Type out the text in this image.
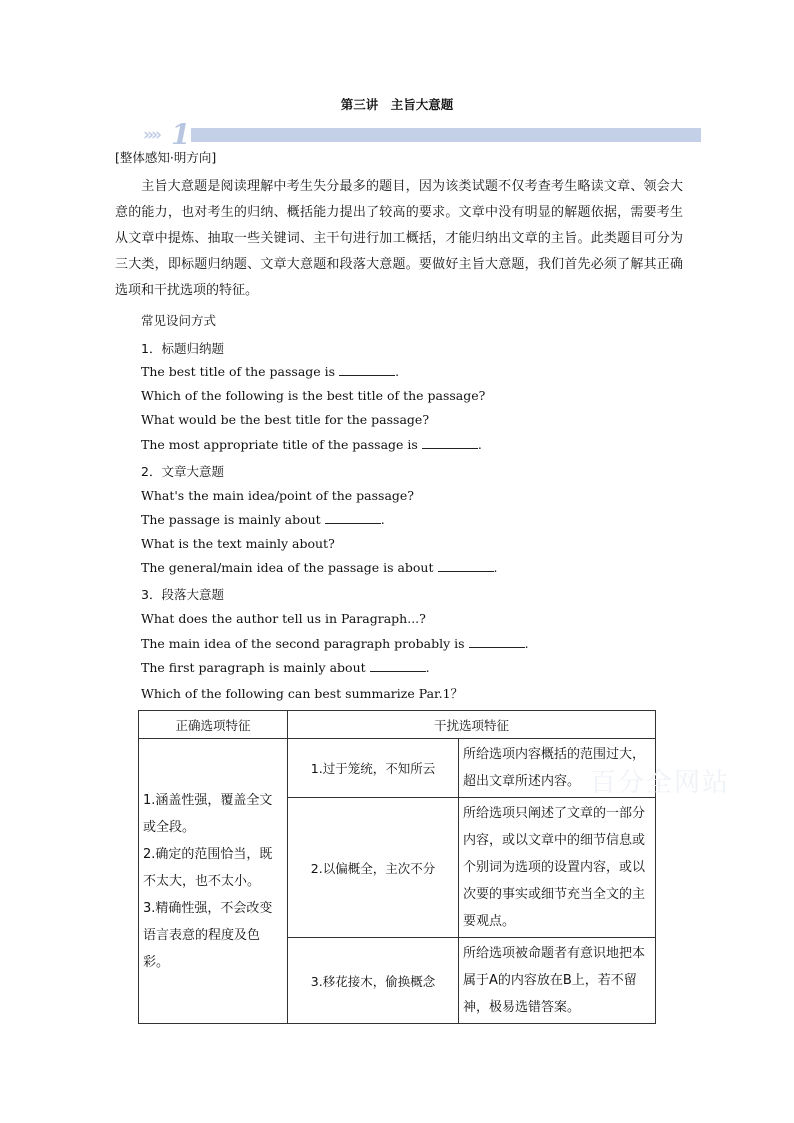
第三讲　主旨大意题
»» 1
[整体感知·明方向]

主旨大意题是阅读理解中考生失分最多的题目，因为该类试题不仅考查考生略读文章、领会大意的能力，也对考生的归纳、概括能力提出了较高的要求。文章中没有明显的解题依据，需要考生从文章中提炼、抽取一些关键词、主干句进行加工概括，才能归纳出文章的主旨。此类题目可分为三大类，即标题归纳题、文章大意题和段落大意题。要做好主旨大意题，我们首先必须了解其正确选项和干扰选项的特征。

常见设问方式
1．标题归纳题
The best title of the passage is	.
Which of the following is the best title of the passage?
What would be the best title for the passage?
The most appropriate title of the passage is	.
2．文章大意题
What's the main idea/point of the passage?
The passage is mainly about	.
What is the text mainly about?
The general/main idea of the passage is about	.
3．段落大意题
What does the author tell us in Paragraph...?
The main idea of the second paragraph probably is	.
The first paragraph is mainly about	.
Which of the following can best summarize Par.1？
正确选项特征	干扰选项特征	

1.涵盖性强，覆盖全文或全段。
2.确定的范围恰当，既不太大，也不太小。
3.精确性强，不会改变语言表意的程度及色彩。	1.过于笼统，不知所云	所给选项内容概括的范围过大，超出文章所述内容。
	2.以偏概全，主次不分	所给选项只阐述了文章的一部分内容，或以文章中的细节信息或个别词为选项的设置内容，或以次要的事实或细节充当全文的主要观点。
	3.移花接木，偷换概念	所给选项被命题者有意识地把本属于A的内容放在B上，若不留神，极易选错答案。
百分全网站
